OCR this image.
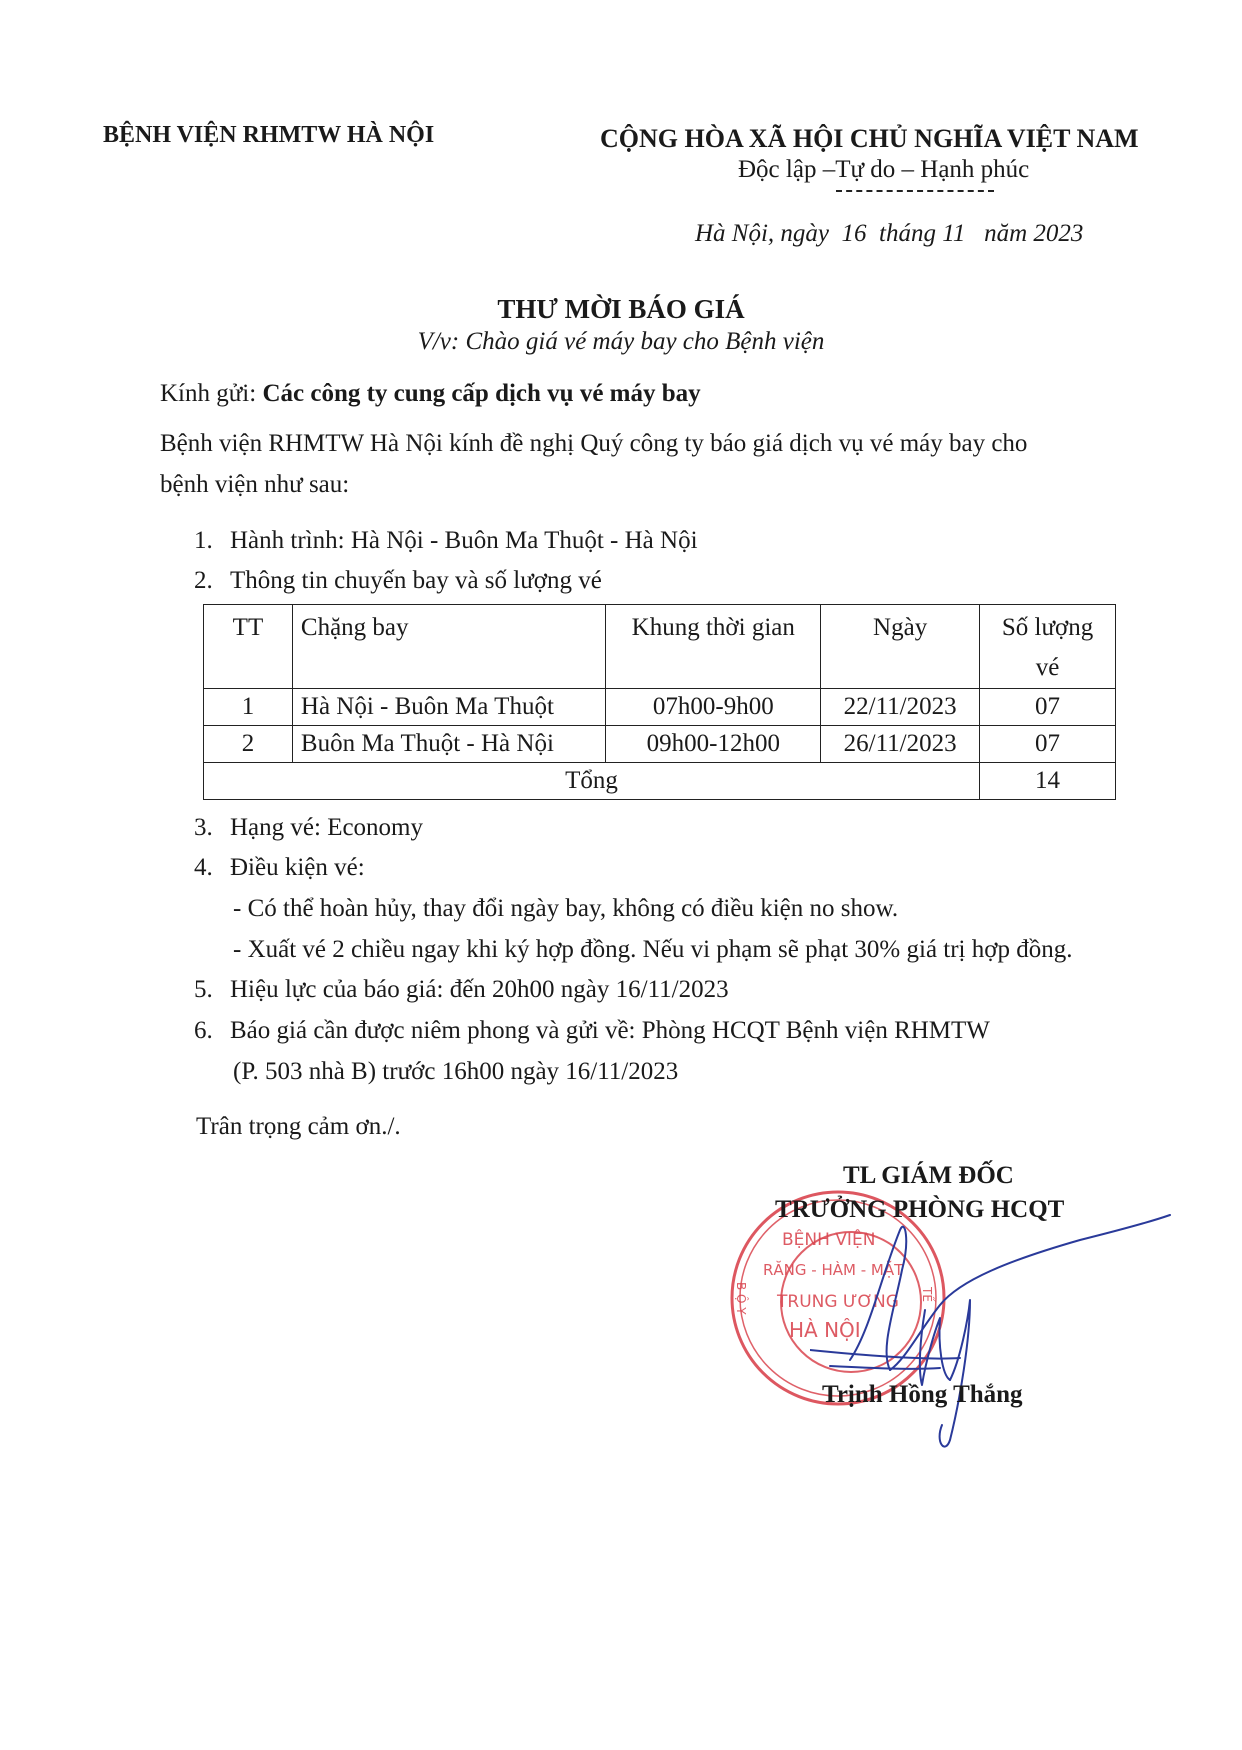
BỆNH VIỆN RHMTW HÀ NỘI	CỘNG HÒA XÃ HỘI CHỦ NGHĨA VIỆT NAM
Độc lập –Tự do – Hạnh phúc
Hà Nội, ngày  16  tháng 11   năm 2023
THƯ MỜI BÁO GIÁ
V/v: Chào giá vé máy bay cho Bệnh viện
Kính gửi: Các công ty cung cấp dịch vụ vé máy bay
Bệnh viện RHMTW Hà Nội kính đề nghị Quý công ty báo giá dịch vụ vé máy bay cho
bệnh viện như sau:
1. Hành trình: Hà Nội - Buôn Ma Thuột - Hà Nội
2. Thông tin chuyến bay và số lượng vé
TT	Chặng bay	Khung thời gian	Ngày	Số lượng
vé
1	Hà Nội - Buôn Ma Thuột	07h00-9h00	22/11/2023	07
2	Buôn Ma Thuột - Hà Nội	09h00-12h00	26/11/2023	07
Tổng				14
3. Hạng vé: Economy
4. Điều kiện vé:
- Có thể hoàn hủy, thay đổi ngày bay, không có điều kiện no show.
- Xuất vé 2 chiều ngay khi ký hợp đồng. Nếu vi phạm sẽ phạt 30% giá trị hợp đồng.
5. Hiệu lực của báo giá: đến 20h00 ngày 16/11/2023
6. Báo giá cần được niêm phong và gửi về: Phòng HCQT Bệnh viện RHMTW
(P. 503 nhà B) trước 16h00 ngày 16/11/2023
Trân trọng cảm ơn./.
B Ộ Y	TẾ
BỆNH VIỆN
RĂNG - HÀM - MẶT
TRUNG ƯƠNG
HÀ NỘI
TL GIÁM ĐỐC
TRƯỞNG PHÒNG HCQT
Trịnh Hồng Thắng
